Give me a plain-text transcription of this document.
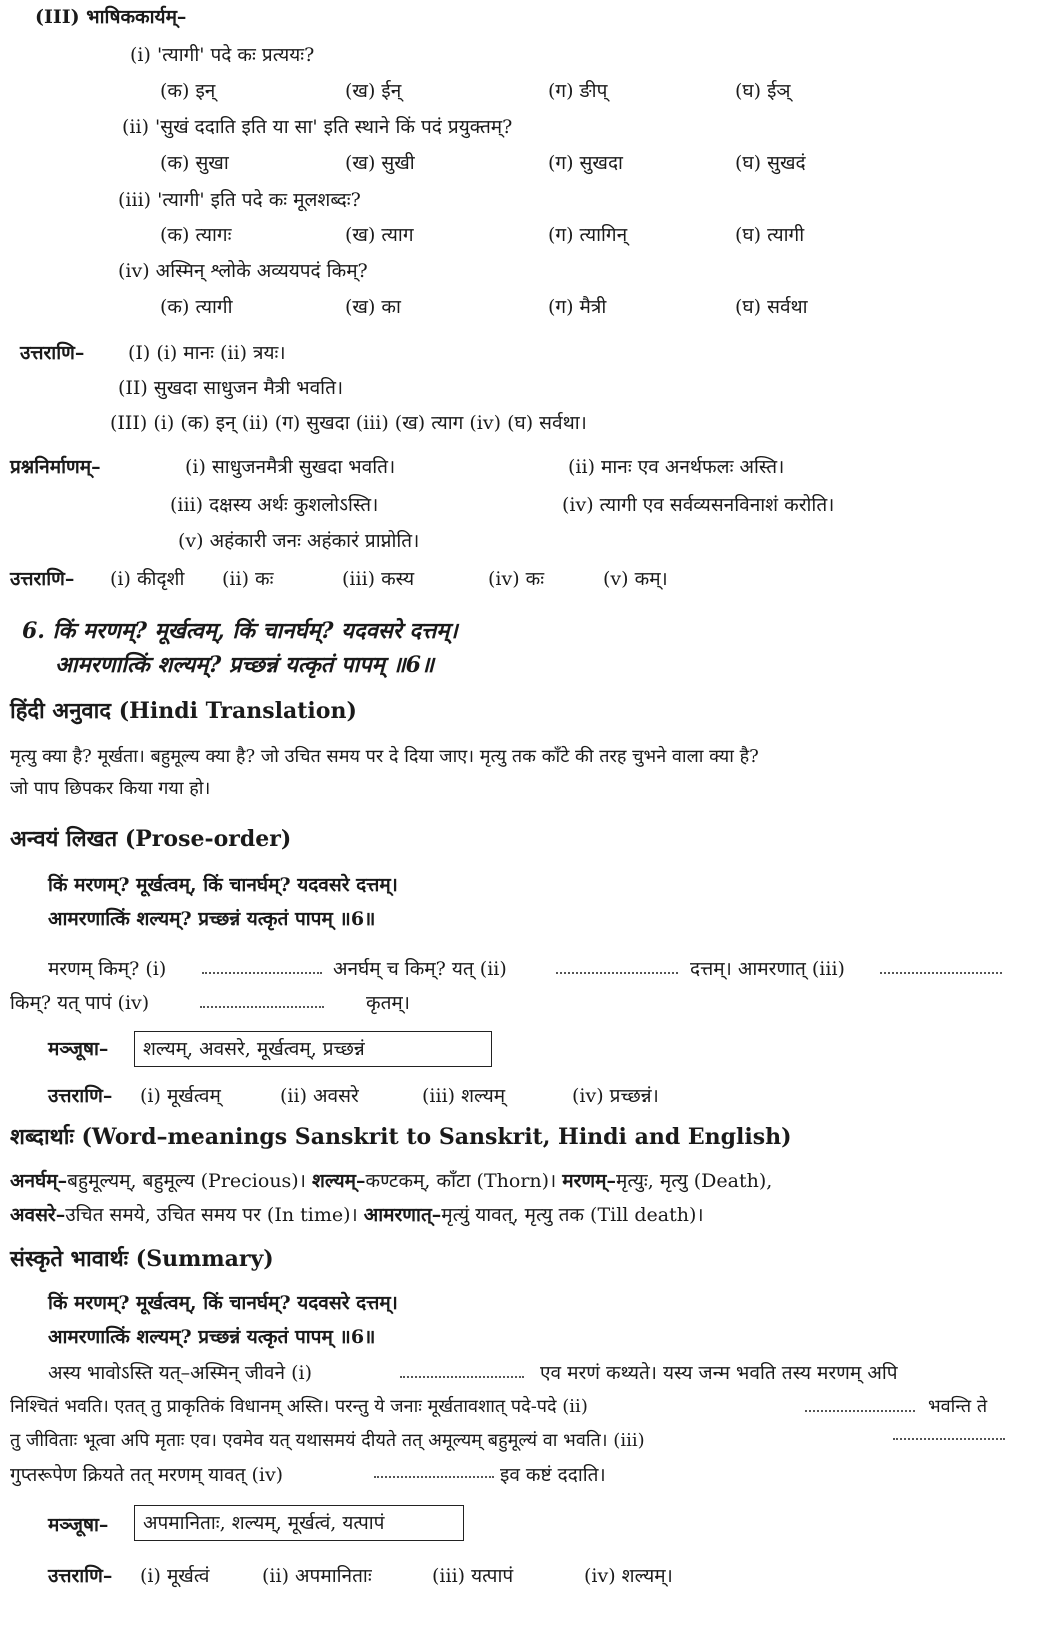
(III) भाषिककार्यम्–
(i) 'त्यागी' पदे कः प्रत्ययः?
(क) इन्	(ख) ईन्	(ग) ङीप्	(घ) ईञ्
(ii) 'सुखं ददाति इति या सा' इति स्थाने किं पदं प्रयुक्तम्?
(क) सुखा	(ख) सुखी	(ग) सुखदा	(घ) सुखदं
(iii) 'त्यागी' इति पदे कः मूलशब्दः?
(क) त्यागः	(ख) त्याग	(ग) त्यागिन्	(घ) त्यागी
(iv) अस्मिन् श्लोके अव्ययपदं किम्?
(क) त्यागी	(ख) का	(ग) मैत्री	(घ) सर्वथा
उत्तराणि– (I) (i) मानः (ii) त्रयः।
(II) सुखदा साधुजन मैत्री भवति।
(III) (i) (क) इन् (ii) (ग) सुखदा (iii) (ख) त्याग (iv) (घ) सर्वथा।
प्रश्ननिर्माणम्–	(i) साधुजनमैत्री सुखदा भवति।	(ii) मानः एव अनर्थफलः अस्ति।
(iii) दक्षस्य अर्थः कुशलोऽस्ति।	(iv) त्यागी एव सर्वव्यसनविनाशं करोति।
(v) अहंकारी जनः अहंकारं प्राप्नोति।
उत्तराणि– (i) कीदृशी (ii) कः	(iii) कस्य	(iv) कः	(v) कम्।
6. किं मरणम्? मूर्खत्वम्, किं चानर्घम्? यदवसरे दत्तम्।
आमरणात्किं शल्यम्? प्रच्छन्नं यत्कृतं पापम् ॥6॥
हिंदी अनुवाद (Hindi Translation)
मृत्यु क्या है? मूर्खता। बहुमूल्य क्या है? जो उचित समय पर दे दिया जाए। मृत्यु तक काँटे की तरह चुभने वाला क्या है?
जो पाप छिपकर किया गया हो।
अन्वयं लिखत (Prose-order)
किं मरणम्? मूर्खत्वम्, किं चानर्घम्? यदवसरे दत्तम्।
आमरणात्किं शल्यम्? प्रच्छन्नं यत्कृतं पापम् ॥6॥
मरणम् किम्? (i)	अनर्घम् च किम्? यत् (ii)	दत्तम्। आमरणात् (iii)
किम्? यत् पापं (iv)	कृतम्।
मञ्जूषा–	शल्यम्, अवसरे, मूर्खत्वम्, प्रच्छन्नं
उत्तराणि– (i) मूर्खत्वम्	(ii) अवसरे	(iii) शल्यम्	(iv) प्रच्छन्नं।
शब्दार्थाः (Word–meanings Sanskrit to Sanskrit, Hindi and English)
अनर्घम्–बहुमूल्यम्, बहुमूल्य (Precious)। शल्यम्–कण्टकम्, काँटा (Thorn)। मरणम्–मृत्युः, मृत्यु (Death),
अवसरे–उचित समये, उचित समय पर (In time)। आमरणात्–मृत्युं यावत्, मृत्यु तक (Till death)।
संस्कृते भावार्थः (Summary)
किं मरणम्? मूर्खत्वम्, किं चानर्घम्? यदवसरे दत्तम्।
आमरणात्किं शल्यम्? प्रच्छन्नं यत्कृतं पापम् ॥6॥
अस्य भावोऽस्ति यत्–अस्मिन् जीवने (i)	एव मरणं कथ्यते। यस्य जन्म भवति तस्य मरणम् अपि
निश्चितं भवति। एतत् तु प्राकृतिकं विधानम् अस्ति। परन्तु ये जनाः मूर्खतावशात् पदे-पदे (ii)	भवन्ति ते
तु जीविताः भूत्वा अपि मृताः एव। एवमेव यत् यथासमयं दीयते तत् अमूल्यम् बहुमूल्यं वा भवति। (iii)
गुप्तरूपेण क्रियते तत् मरणम् यावत् (iv)	इव कष्टं ददाति।
मञ्जूषा–	अपमानिताः, शल्यम्, मूर्खत्वं, यत्पापं
उत्तराणि– (i) मूर्खत्वं	(ii) अपमानिताः	(iii) यत्पापं	(iv) शल्यम्।
